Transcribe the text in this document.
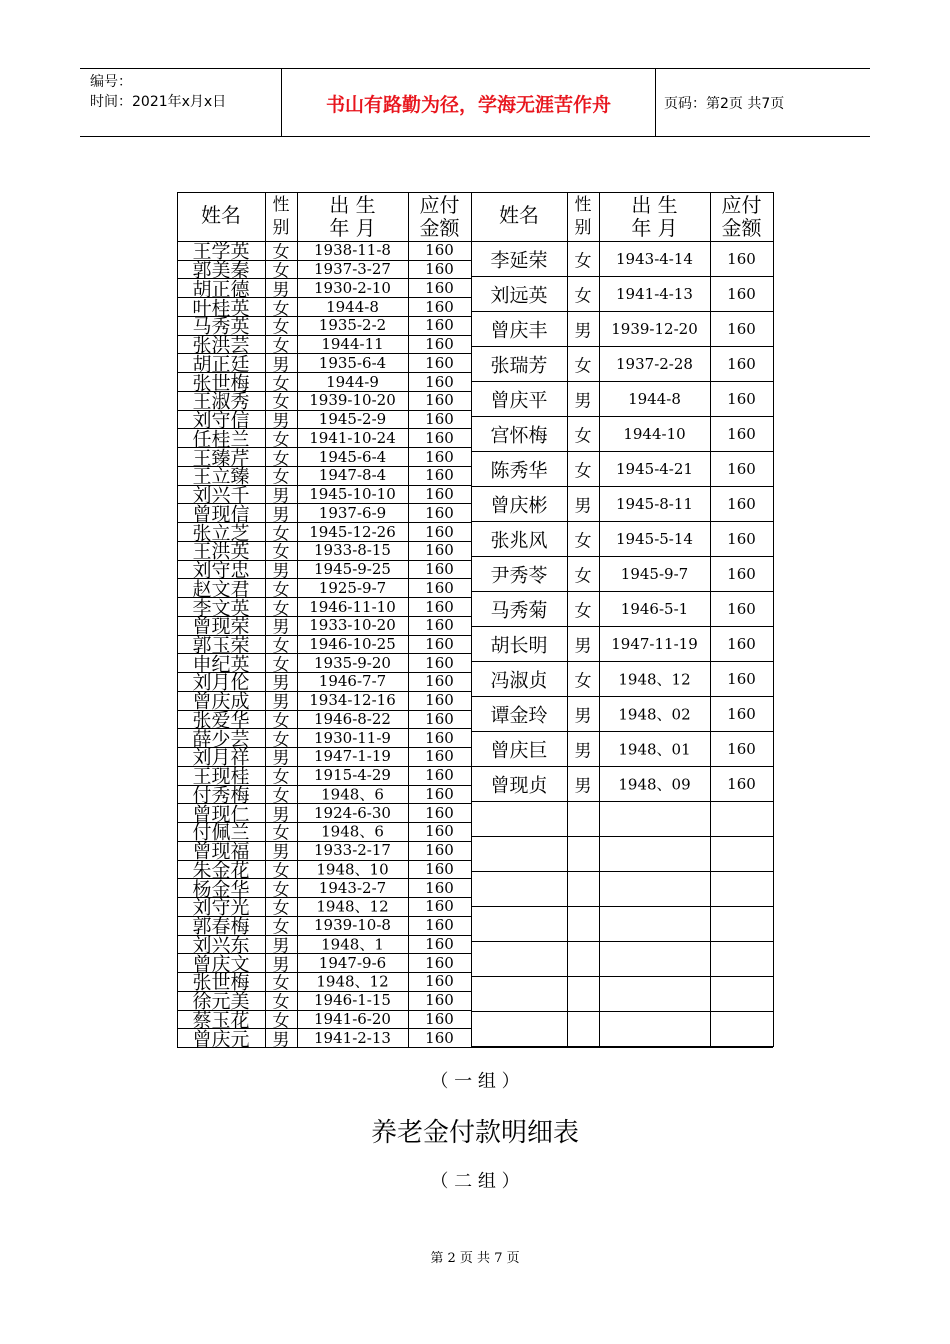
编号：
时间：2021年x月x日	书山有路勤为径，学海无涯苦作舟	页码：第2页 共7页
姓名	性
别
出 生
年 月
应付
金额
姓名	性
别
出 生
年 月
应付
金额
王学英	女	1938-11-8	160
郭美秦	女	1937-3-27	160
胡正德	男	1930-2-10	160
叶桂英	女	1944-8	160
马秀英	女	1935-2-2	160
张洪芸	女	1944-11	160
胡正廷	男	1935-6-4	160
张世梅	女	1944-9	160
王淑秀	女	1939-10-20	160
刘守信	男	1945-2-9	160
任桂兰	女	1941-10-24	160
王臻芹	女	1945-6-4	160
王立臻	女	1947-8-4	160
刘兴千	男	1945-10-10	160
曾现信	男	1937-6-9	160
张立芝	女	1945-12-26	160
王洪英	女	1933-8-15	160
刘守忠	男	1945-9-25	160
赵文君	女	1925-9-7	160
李文英	女	1946-11-10	160
曾现荣	男	1933-10-20	160
郭玉荣	女	1946-10-25	160
申纪英	女	1935-9-20	160
刘月伦	男	1946-7-7	160
曾庆成	男	1934-12-16	160
张爱华	女	1946-8-22	160
薛少芸	女	1930-11-9	160
刘月祥	男	1947-1-19	160
王现桂	女	1915-4-29	160
付秀梅	女	1948、6	160
曾现仁	男	1924-6-30	160
付佩兰	女	1948、6	160
曾现福	男	1933-2-17	160
朱金花	女	1948、10	160
杨金华	女	1943-2-7	160
刘守光	女	1948、12	160
郭春梅	女	1939-10-8	160
刘兴东	男	1948、1	160
曾庆文	男	1947-9-6	160
张世梅	女	1948、12	160
徐元美	女	1946-1-15	160
蔡玉花	女	1941-6-20	160
曾庆元	男	1941-2-13	160
李延荣	女	1943-4-14	160
刘远英	女	1941-4-13	160
曾庆丰	男	1939-12-20	160
张瑞芳	女	1937-2-28	160
曾庆平	男	1944-8	160
宫怀梅	女	1944-10	160
陈秀华	女	1945-4-21	160
曾庆彬	男	1945-8-11	160
张兆风	女	1945-5-14	160
尹秀苓	女	1945-9-7	160
马秀菊	女	1946-5-1	160
胡长明	男	1947-11-19	160
冯淑贞	女	1948、12	160
谭金玲	男	1948、02	160
曾庆巨	男	1948、01	160
曾现贞	男	1948、09	160
（ 一 组 ）
养老金付款明细表
（ 二 组 ）
第 2 页 共 7 页
